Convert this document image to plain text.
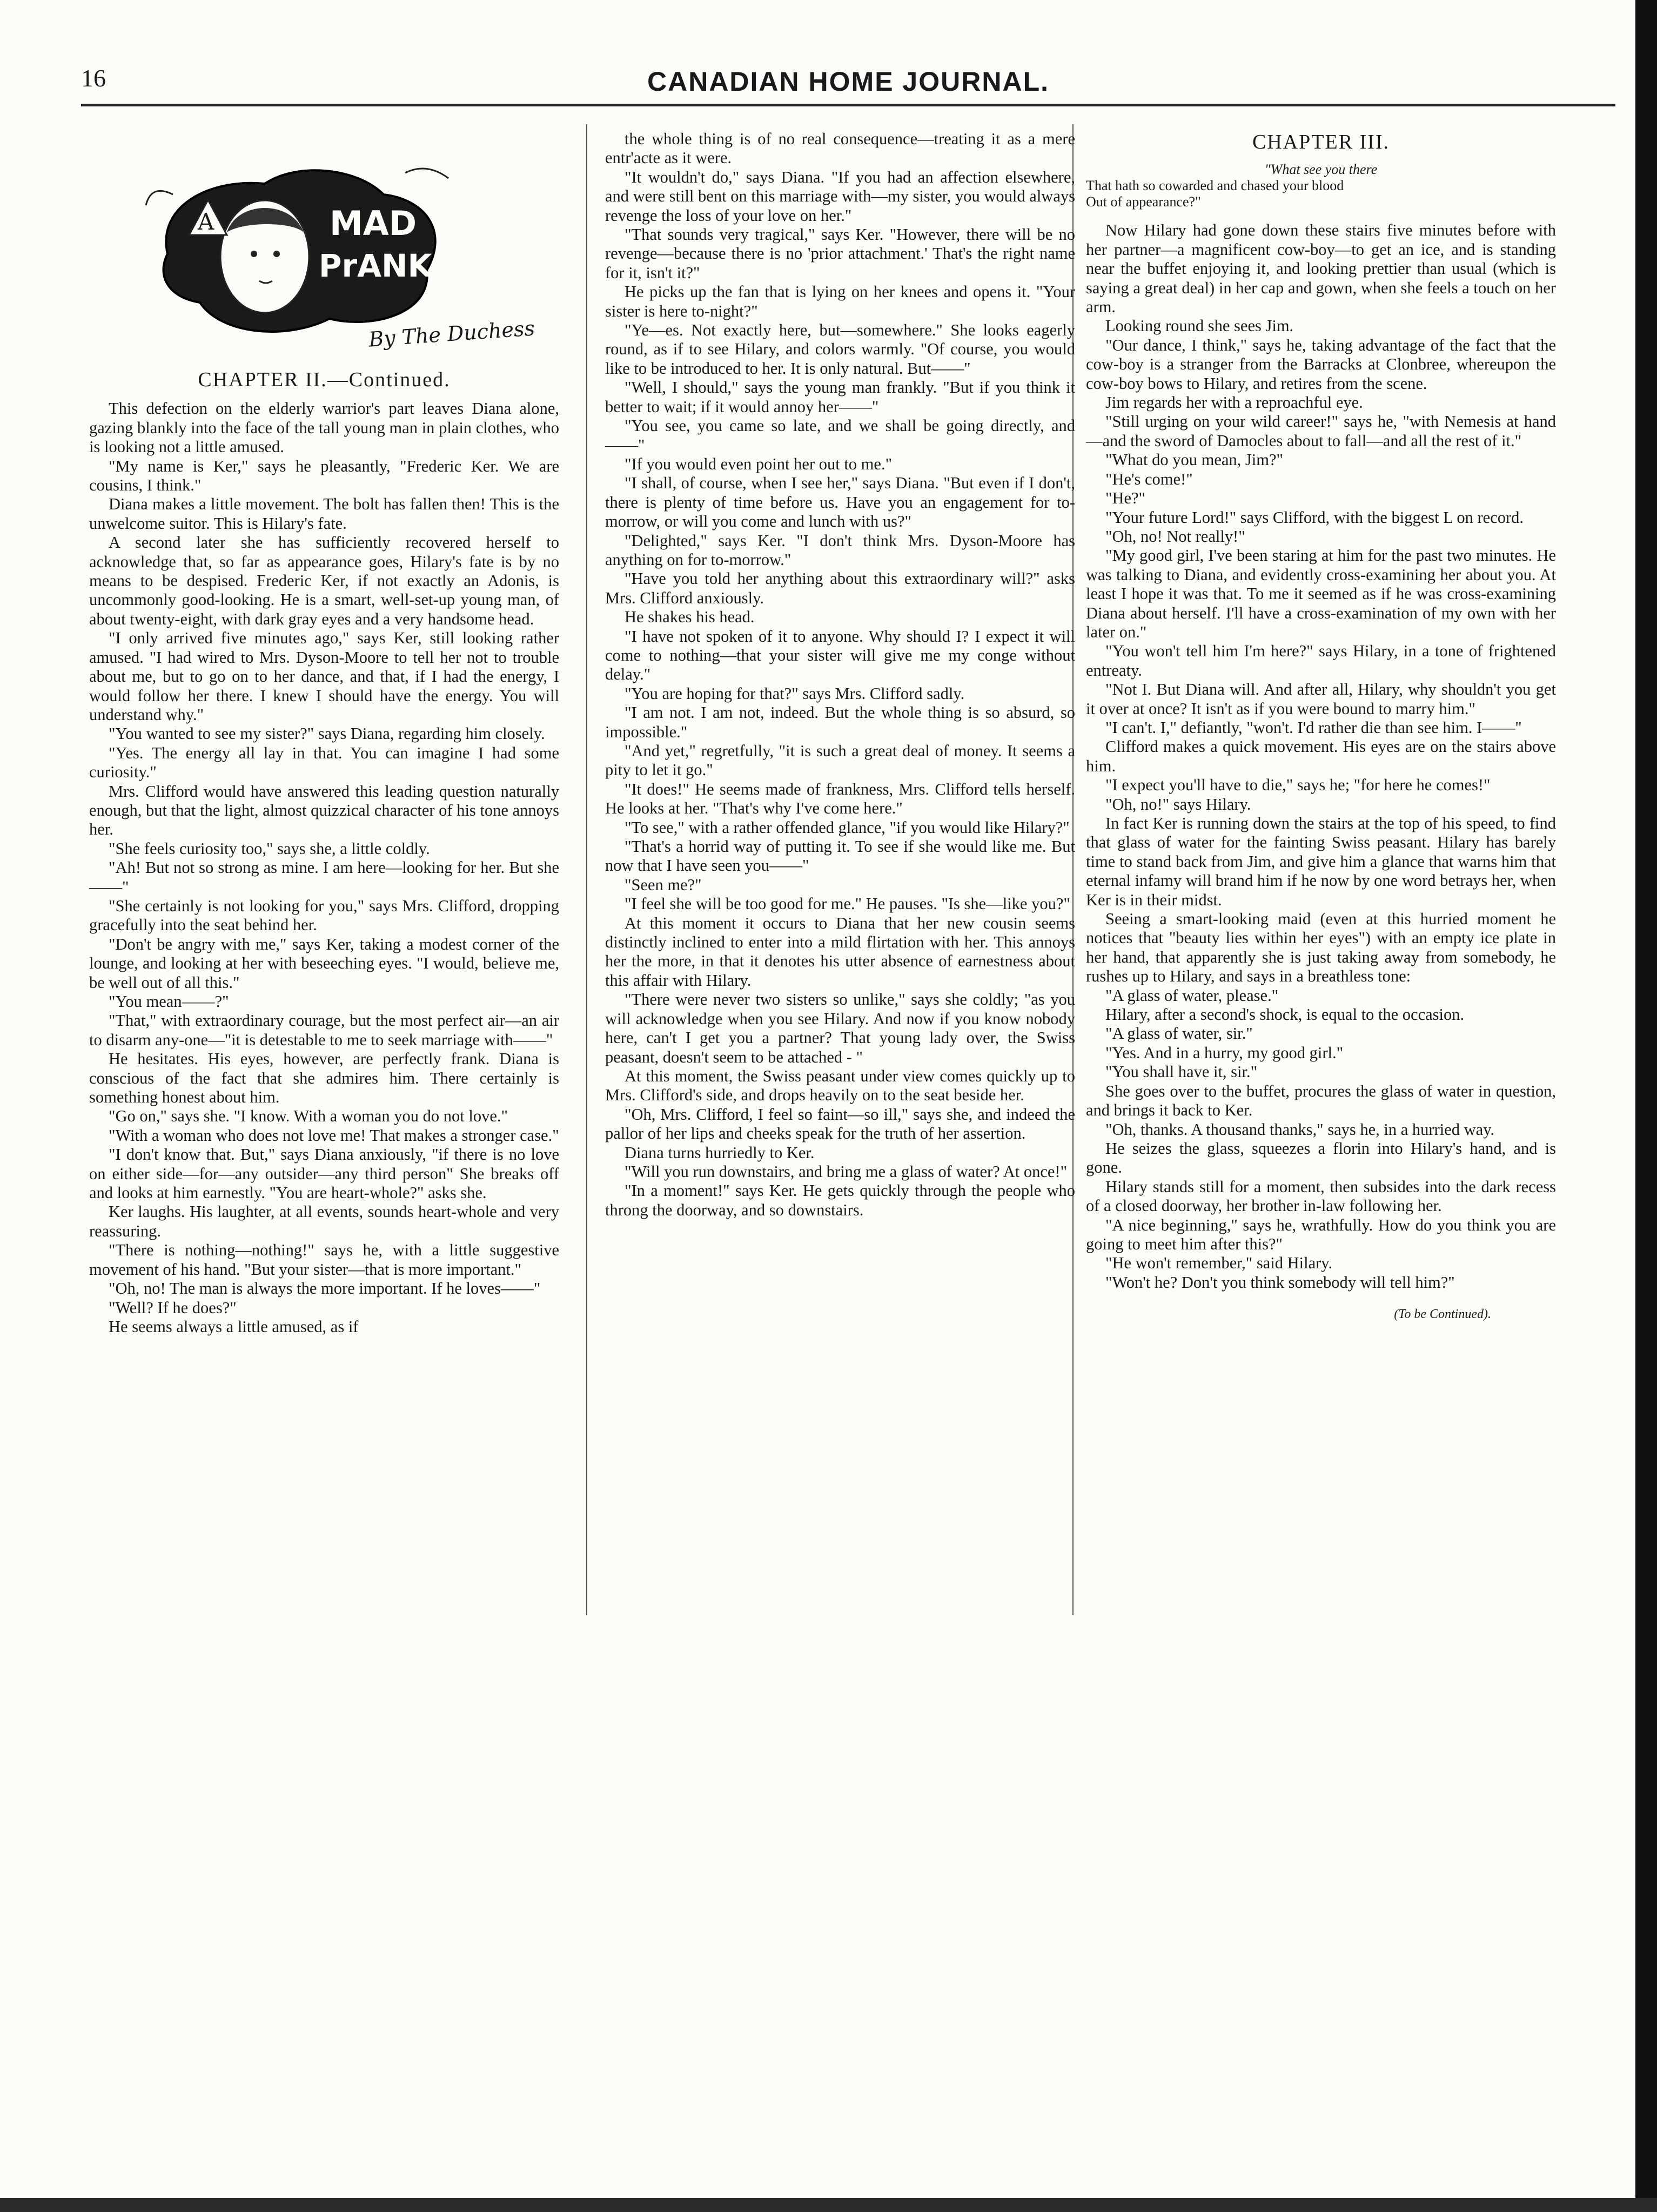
16	CANADIAN HOME JOURNAL.
A	MAD
PrANK
By The Duchess
CHAPTER II.—Continued.

This defection on the elderly warrior's part leaves Diana alone, gazing blankly into the face of the tall young man in plain clothes, who is looking not a little amused.

"My name is Ker," says he pleasantly, "Frederic Ker. We are cousins, I think."

Diana makes a little movement. The bolt has fallen then! This is the unwelcome suitor. This is Hilary's fate.

A second later she has sufficiently recovered herself to acknowledge that, so far as appearance goes, Hilary's fate is by no means to be despised. Frederic Ker, if not exactly an Adonis, is uncommonly good-looking. He is a smart, well-set-up young man, of about twenty-eight, with dark gray eyes and a very handsome head.

"I only arrived five minutes ago," says Ker, still looking rather amused. "I had wired to Mrs. Dyson-Moore to tell her not to trouble about me, but to go on to her dance, and that, if I had the energy, I would follow her there. I knew I should have the energy. You will understand why."

"You wanted to see my sister?" says Diana, regarding him closely.

"Yes. The energy all lay in that. You can imagine I had some curiosity."

Mrs. Clifford would have answered this leading question naturally enough, but that the light, almost quizzical character of his tone annoys her.

"She feels curiosity too," says she, a little coldly.

"Ah! But not so strong as mine. I am here—looking for her. But she——"

"She certainly is not looking for you," says Mrs. Clifford, dropping gracefully into the seat behind her.

"Don't be angry with me," says Ker, taking a modest corner of the lounge, and looking at her with beseeching eyes. "I would, believe me, be well out of all this."

"You mean——?"

"That," with extraordinary courage, but the most perfect air—an air to disarm any-one—"it is detestable to me to seek marriage with——"

He hesitates. His eyes, however, are perfectly frank. Diana is conscious of the fact that she admires him. There certainly is something honest about him.

"Go on," says she. "I know. With a woman you do not love."

"With a woman who does not love me! That makes a stronger case."

"I don't know that. But," says Diana anxiously, "if there is no love on either side—for—any outsider—any third person" She breaks off and looks at him earnestly. "You are heart-whole?" asks she.

Ker laughs. His laughter, at all events, sounds heart-whole and very reassuring.

"There is nothing—nothing!" says he, with a little suggestive movement of his hand. "But your sister—that is more important."

"Oh, no! The man is always the more important. If he loves——"

"Well? If he does?"

He seems always a little amused, as if

the whole thing is of no real consequence—treating it as a mere entr'acte as it were.

"It wouldn't do," says Diana. "If you had an affection elsewhere, and were still bent on this marriage with—my sister, you would always revenge the loss of your love on her."

"That sounds very tragical," says Ker. "However, there will be no revenge—because there is no 'prior attachment.' That's the right name for it, isn't it?"

He picks up the fan that is lying on her knees and opens it. "Your sister is here to-night?"

"Ye—es. Not exactly here, but—somewhere." She looks eagerly round, as if to see Hilary, and colors warmly. "Of course, you would like to be introduced to her. It is only natural. But——"

"Well, I should," says the young man frankly. "But if you think it better to wait; if it would annoy her——"

"You see, you came so late, and we shall be going directly, and——"

"If you would even point her out to me."

"I shall, of course, when I see her," says Diana. "But even if I don't, there is plenty of time before us. Have you an engagement for to-morrow, or will you come and lunch with us?"

"Delighted," says Ker. "I don't think Mrs. Dyson-Moore has anything on for to-morrow."

"Have you told her anything about this extraordinary will?" asks Mrs. Clifford anxiously.

He shakes his head.

"I have not spoken of it to anyone. Why should I? I expect it will come to nothing—that your sister will give me my conge without delay."

"You are hoping for that?" says Mrs. Clifford sadly.

"I am not. I am not, indeed. But the whole thing is so absurd, so impossible."

"And yet," regretfully, "it is such a great deal of money. It seems a pity to let it go."

"It does!" He seems made of frankness, Mrs. Clifford tells herself. He looks at her. "That's why I've come here."

"To see," with a rather offended glance, "if you would like Hilary?"

"That's a horrid way of putting it. To see if she would like me. But now that I have seen you——"

"Seen me?"

"I feel she will be too good for me." He pauses. "Is she—like you?"

At this moment it occurs to Diana that her new cousin seems distinctly inclined to enter into a mild flirtation with her. This annoys her the more, in that it denotes his utter absence of earnestness about this affair with Hilary.

"There were never two sisters so unlike," says she coldly; "as you will acknowledge when you see Hilary. And now if you know nobody here, can't I get you a partner? That young lady over, the Swiss peasant, doesn't seem to be attached - "

At this moment, the Swiss peasant under view comes quickly up to Mrs. Clifford's side, and drops heavily on to the seat beside her.

"Oh, Mrs. Clifford, I feel so faint—so ill," says she, and indeed the pallor of her lips and cheeks speak for the truth of her assertion.

Diana turns hurriedly to Ker.

"Will you run downstairs, and bring me a glass of water? At once!"

"In a moment!" says Ker. He gets quickly through the people who throng the doorway, and so downstairs.

CHAPTER III.
"What see you there
That hath so cowarded and chased your blood
Out of appearance?"

Now Hilary had gone down these stairs five minutes before with her partner—a magnificent cow-boy—to get an ice, and is standing near the buffet enjoying it, and looking prettier than usual (which is saying a great deal) in her cap and gown, when she feels a touch on her arm.

Looking round she sees Jim.

"Our dance, I think," says he, taking advantage of the fact that the cow-boy is a stranger from the Barracks at Clonbree, whereupon the cow-boy bows to Hilary, and retires from the scene.

Jim regards her with a reproachful eye.

"Still urging on your wild career!" says he, "with Nemesis at hand—and the sword of Damocles about to fall—and all the rest of it."

"What do you mean, Jim?"

"He's come!"

"He?"

"Your future Lord!" says Clifford, with the biggest L on record.

"Oh, no! Not really!"

"My good girl, I've been staring at him for the past two minutes. He was talking to Diana, and evidently cross-examining her about you. At least I hope it was that. To me it seemed as if he was cross-examining Diana about herself. I'll have a cross-examination of my own with her later on."

"You won't tell him I'm here?" says Hilary, in a tone of frightened entreaty.

"Not I. But Diana will. And after all, Hilary, why shouldn't you get it over at once? It isn't as if you were bound to marry him."

"I can't. I," defiantly, "won't. I'd rather die than see him. I——"

Clifford makes a quick movement. His eyes are on the stairs above him.

"I expect you'll have to die," says he; "for here he comes!"

"Oh, no!" says Hilary.

In fact Ker is running down the stairs at the top of his speed, to find that glass of water for the fainting Swiss peasant. Hilary has barely time to stand back from Jim, and give him a glance that warns him that eternal infamy will brand him if he now by one word betrays her, when Ker is in their midst.

Seeing a smart-looking maid (even at this hurried moment he notices that "beauty lies within her eyes") with an empty ice plate in her hand, that apparently she is just taking away from somebody, he rushes up to Hilary, and says in a breathless tone:

"A glass of water, please."

Hilary, after a second's shock, is equal to the occasion.

"A glass of water, sir."

"Yes. And in a hurry, my good girl."

"You shall have it, sir."

She goes over to the buffet, procures the glass of water in question, and brings it back to Ker.

"Oh, thanks. A thousand thanks," says he, in a hurried way.

He seizes the glass, squeezes a florin into Hilary's hand, and is gone.

Hilary stands still for a moment, then subsides into the dark recess of a closed doorway, her brother in-law following her.

"A nice beginning," says he, wrathfully. How do you think you are going to meet him after this?"

"He won't remember," said Hilary.

"Won't he? Don't you think somebody will tell him?"

(To be Continued).
